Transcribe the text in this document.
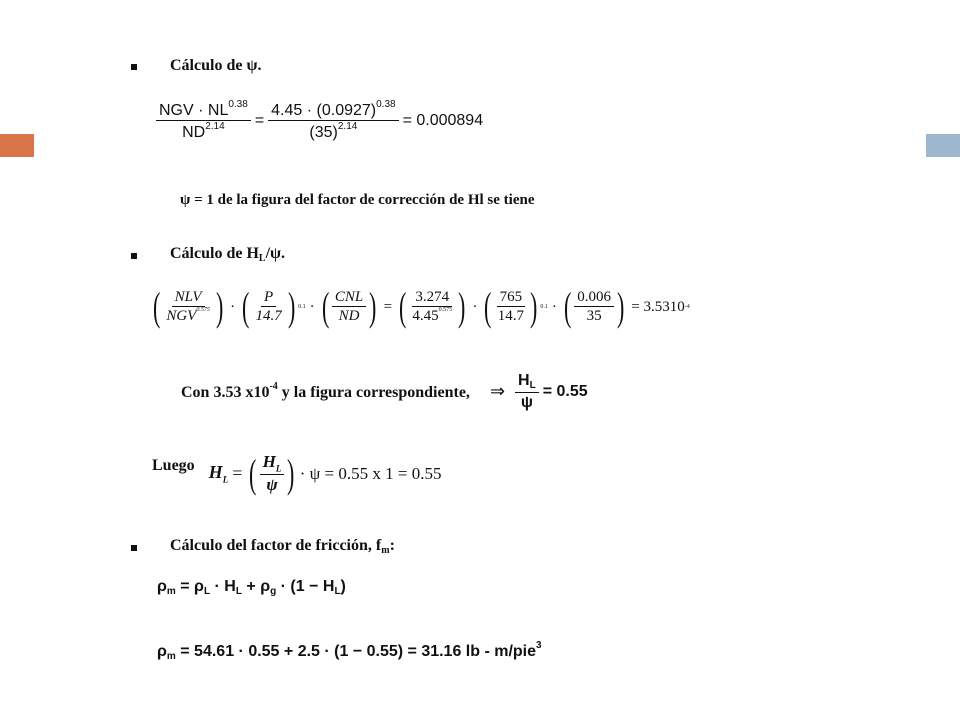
Cálculo de ψ.
$\frac{NGV \cdot NL^{0.38}}{ND^{2.14}} = \frac{4.45 \cdot (0.0927)^{0.38}}{(35)^{2.14}} = 0.000894$
ψ = 1 de la figura del factor de corrección de Hl se tiene
Cálculo de $H_L/\psi$.
( $\frac{\text{NLV}}{NGV^{0.575}}$ ) · ( $\frac{P}{14.7}$ ) 0.1 · ( $\frac{\text{CNL}}{ND}$ ) = ( $\frac{3.274}{4.45^{0.575}}$ ) · ( $\frac{765}{14.7}$ ) 0.1 · ( $\frac{0.006}{35}$ ) = 3.5310 -4
Con 3.53 $x10^{-4}$ y la figura correspondiente, ⇒ $\frac{H_L}{\psi} = 0.55$
Luego $H_L$ = ( $\frac{H_L}{\psi}$ ) · ψ = 0.55 x 1 = 0.55
Cálculo del factor de fricción, $f_m$:
$\rho_m = \rho_L \cdot H_L + \rho_g \cdot (1 - H_L)$
$\rho_m = 54.61 \cdot 0.55 + 2.5 \cdot (1 - 0.55) = 31.16$ lb - m/pie$^3$
